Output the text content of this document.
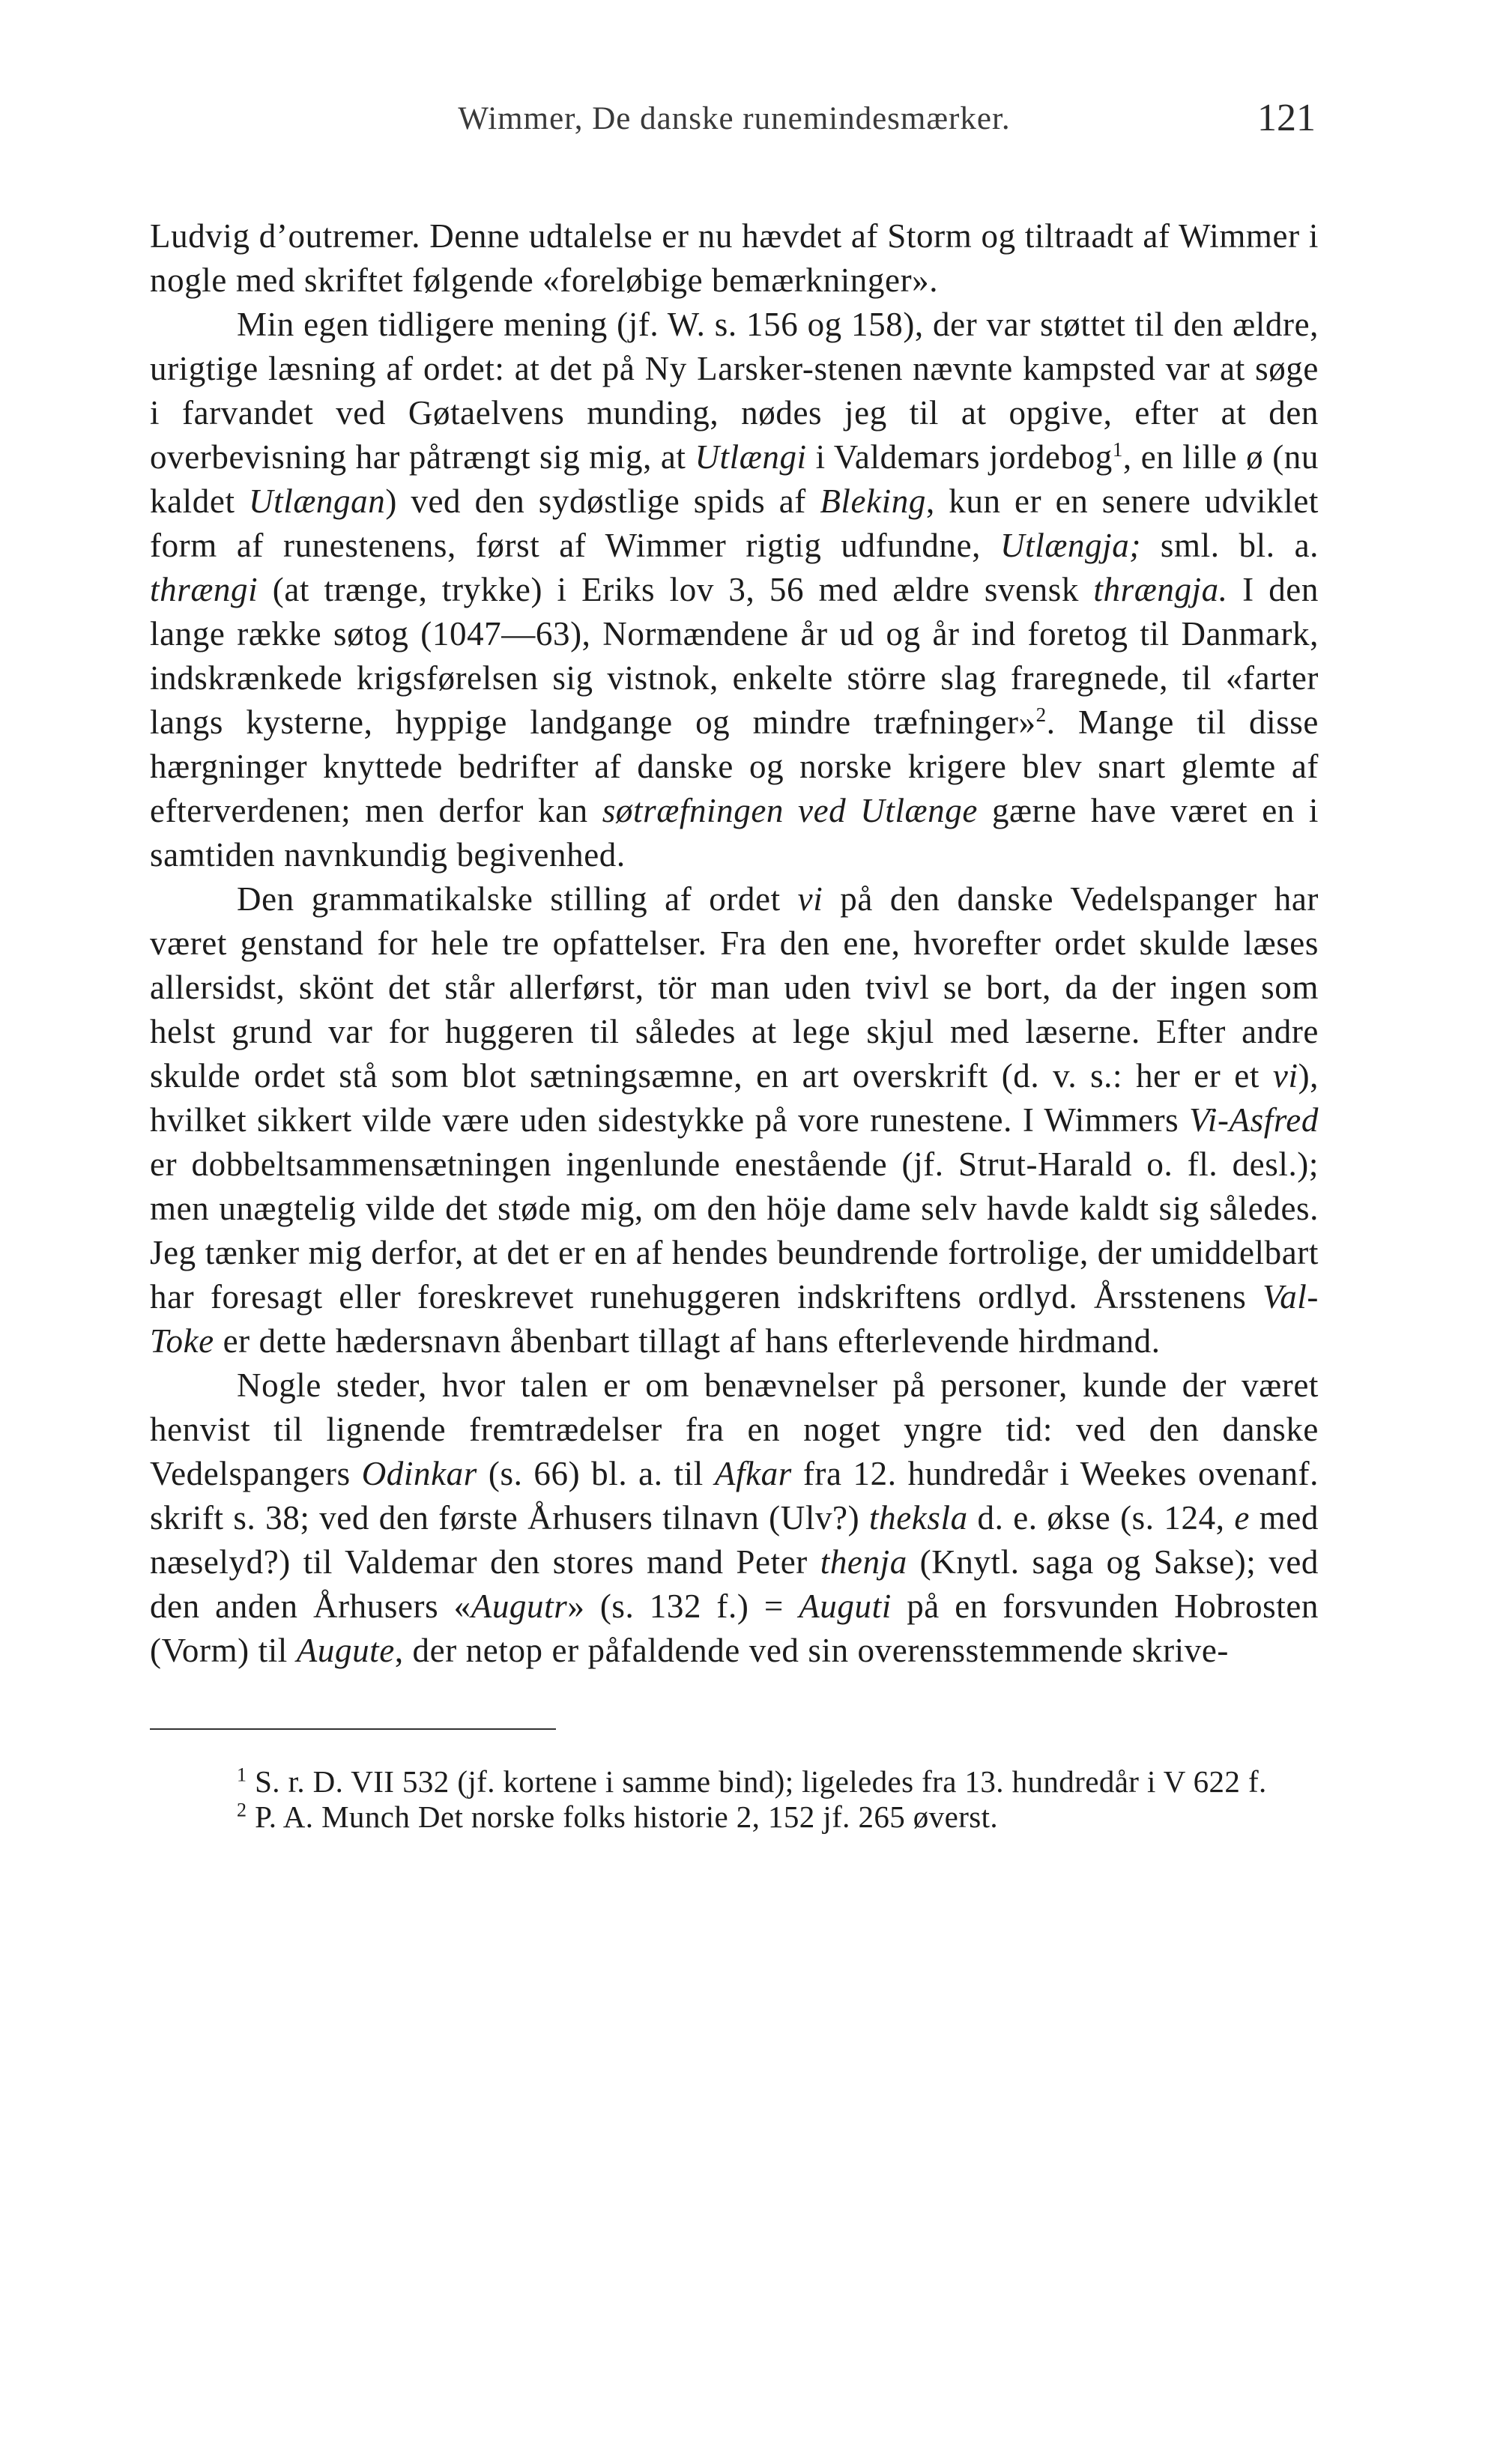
Wimmer, De danske runemindesmærker.	121

Ludvig d’outremer. Denne udtalelse er nu hævdet af Storm og tiltraadt af Wimmer i nogle med skriftet følgende «foreløbige bemærkninger».

Min egen tidligere mening (jf. W. s. 156 og 158), der var støttet til den ældre, urigtige læsning af ordet: at det på Ny Larsker-stenen nævnte kampsted var at søge i farvandet ved Gøtaelvens munding, nødes jeg til at opgive, efter at den overbevisning har påtrængt sig mig, at Utlængi i Valdemars jordebog$^1$, en lille ø (nu kaldet Utlængan) ved den sydøstlige spids af Bleking, kun er en senere udviklet form af runestenens, først af Wimmer rigtig udfundne, Utlængja; sml. bl. a. thrængi (at trænge, trykke) i Eriks lov 3, 56 med ældre svensk thrængja. I den lange række søtog (1047—63), Normændene år ud og år ind foretog til Danmark, indskrænkede krigsførelsen sig vistnok, enkelte större slag fraregnede, til «farter langs kysterne, hyppige landgange og mindre træfninger»$^2$. Mange til disse hærgninger knyttede bedrifter af danske og norske krigere blev snart glemte af efterverdenen; men derfor kan søtræfningen ved Utlænge gærne have været en i samtiden navnkundig begivenhed.

Den grammatikalske stilling af ordet vi på den danske Vedelspanger har været genstand for hele tre opfattelser. Fra den ene, hvorefter ordet skulde læses allersidst, skönt det står allerførst, tör man uden tvivl se bort, da der ingen som helst grund var for huggeren til således at lege skjul med læserne. Efter andre skulde ordet stå som blot sætningsæmne, en art overskrift (d. v. s.: her er et vi), hvilket sikkert vilde være uden sidestykke på vore runestene. I Wimmers Vi-Asfred er dobbeltsammensætningen ingenlunde enestående (jf. Strut-Harald o. fl. desl.); men unægtelig vilde det støde mig, om den höje dame selv havde kaldt sig således. Jeg tænker mig derfor, at det er en af hendes beundrende fortrolige, der umiddelbart har foresagt eller foreskrevet runehuggeren indskriftens ordlyd. Årsstenens Val-Toke er dette hædersnavn åbenbart tillagt af hans efterlevende hirdmand.

Nogle steder, hvor talen er om benævnelser på personer, kunde der været henvist til lignende fremtrædelser fra en noget yngre tid: ved den danske Vedelspangers Odinkar (s. 66) bl. a. til Afkar fra 12. hundredår i Weekes ovenanf. skrift s. 38; ved den første Århusers tilnavn (Ulv?) theksla d. e. økse (s. 124, e med næselyd?) til Valdemar den stores mand Peter thenja (Knytl. saga og Sakse); ved den anden Århusers «Augutr» (s. 132 f.) = Auguti på en forsvunden Hobrosten (Vorm) til Augute, der netop er påfaldende ved sin overensstemmende skrive-

$^1$ S. r. D. VII 532 (jf. kortene i samme bind); ligeledes fra 13. hundredår i V 622 f.

$^2$ P. A. Munch Det norske folks historie 2, 152 jf. 265 øverst.
